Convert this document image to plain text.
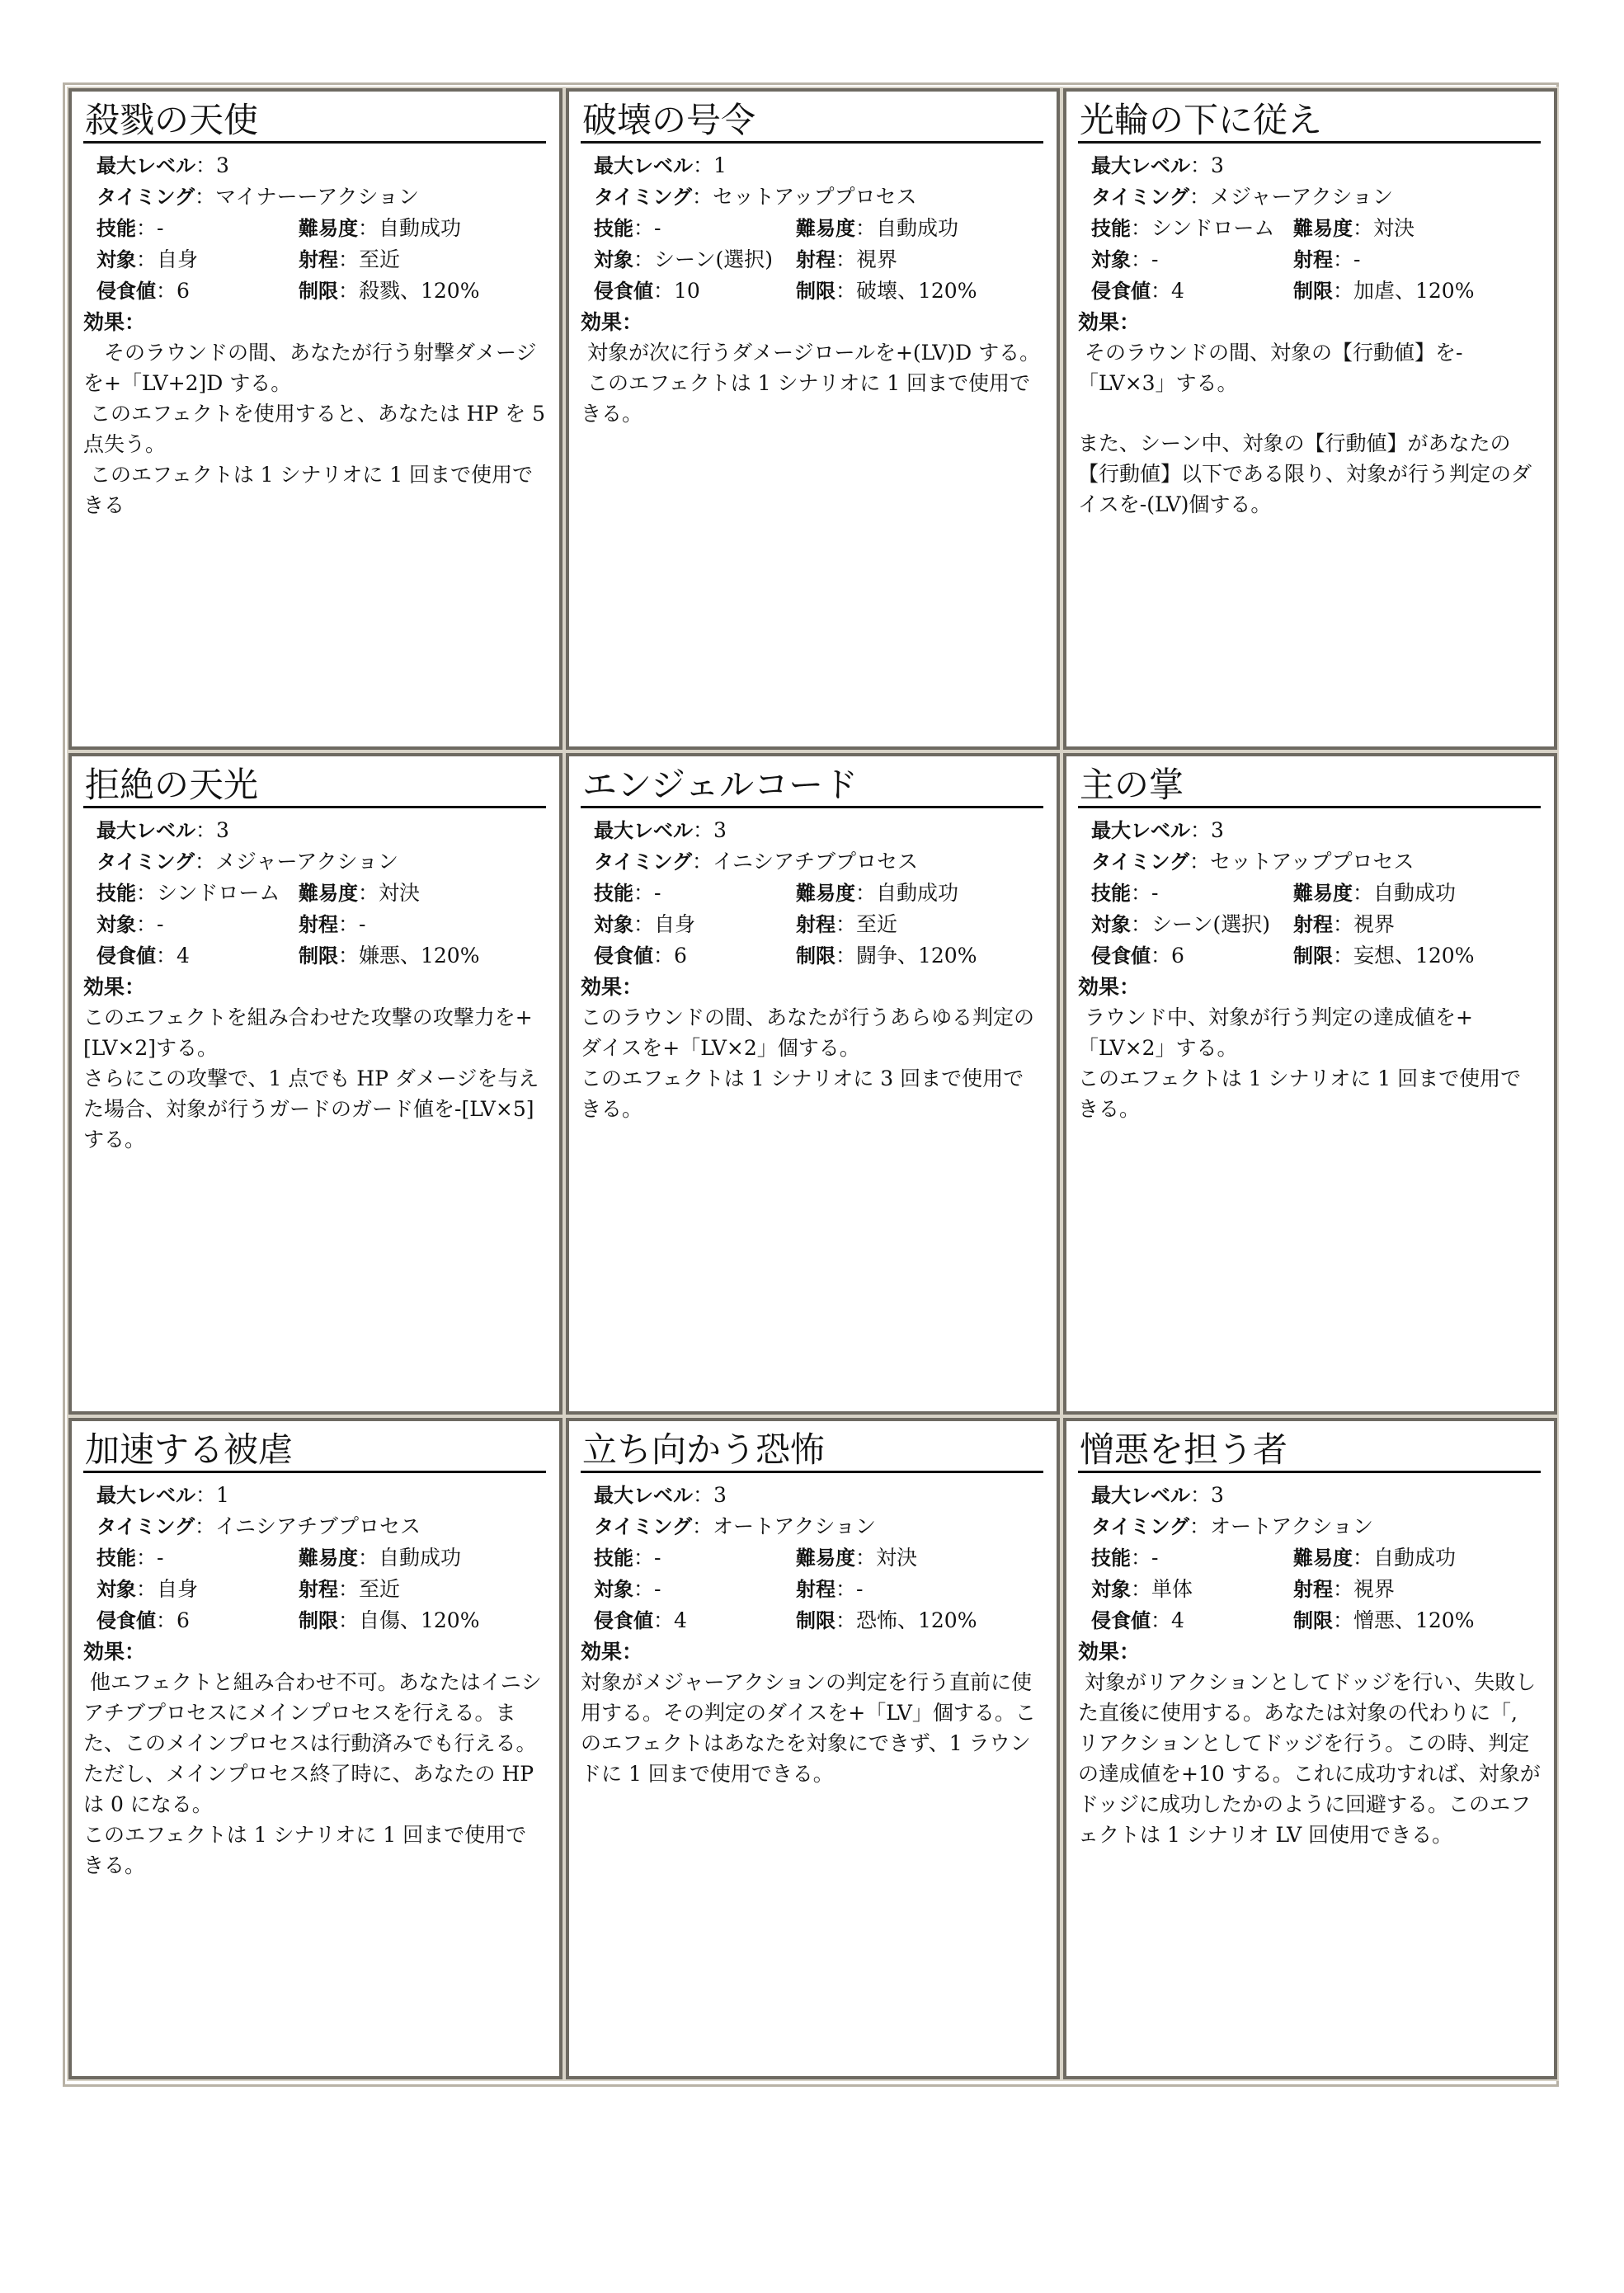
殺戮の天使
最大レベル：3
タイミング：マイナーーアクション
技能：-	難易度：自動成功
対象：自身	射程：至近
侵食値：6	制限：殺戮、120%
効果：

　そのラウンドの間、あなたが行う射撃ダメージを+「LV+2]D する。

このエフェクトを使用すると、あなたは HP を 5 点失う。

このエフェクトは 1 シナリオに 1 回まで使用できる

破壊の号令
最大レベル：1
タイミング：セットアッププロセス
技能：-	難易度：自動成功
対象：シーン(選択)	射程：視界
侵食値：10	制限：破壊、120%
効果：

対象が次に行うダメージロールを+(LV)D する。

このエフェクトは 1 シナリオに 1 回まで使用できる。

光輪の下に従え
最大レベル：3
タイミング：メジャーアクション
技能：シンドローム 難易度：対決
対象：-	射程：-
侵食値：4	制限：加虐、120%
効果：

そのラウンドの間、対象の【行動値】を-「LV×3」する。

また、シーン中、対象の【行動値】があなたの【行動値】以下である限り、対象が行う判定のダイスを-(LV)個する。

拒絶の天光
最大レベル：3
タイミング：メジャーアクション
技能：シンドローム 難易度：対決
対象：-	射程：-
侵食値：4	制限：嫌悪、120%
効果：

このエフェクトを組み合わせた攻撃の攻撃力を+[LV×2]する。

さらにこの攻撃で、1 点でも HP ダメージを与えた場合、対象が行うガードのガード値を-[LV×5]する。

エンジェルコード
最大レベル：3
タイミング：イニシアチブプロセス
技能：-	難易度：自動成功
対象：自身	射程：至近
侵食値：6	制限：闘争、120%
効果：

このラウンドの間、あなたが行うあらゆる判定のダイスを+「LV×2」個する。

このエフェクトは 1 シナリオに 3 回まで使用できる。

主の掌
最大レベル：3
タイミング：セットアッププロセス
技能：-	難易度：自動成功
対象：シーン(選択)	射程：視界
侵食値：6	制限：妄想、120%
効果：

ラウンド中、対象が行う判定の達成値を+「LV×2」する。

このエフェクトは 1 シナリオに 1 回まで使用できる。

加速する被虐
最大レベル：1
タイミング：イニシアチブプロセス
技能：-	難易度：自動成功
対象：自身	射程：至近
侵食値：6	制限：自傷、120%
効果：

他エフェクトと組み合わせ不可。あなたはイニシアチブプロセスにメインプロセスを行える。また、このメインプロセスは行動済みでも行える。ただし、メインプロセス終了時に、あなたの HP は 0 になる。

このエフェクトは 1 シナリオに 1 回まで使用できる。

立ち向かう恐怖
最大レベル：3
タイミング：オートアクション
技能：-	難易度：対決
対象：-	射程：-
侵食値：4	制限：恐怖、120%
効果：

対象がメジャーアクションの判定を行う直前に使用する。その判定のダイスを+「LV」個する。このエフェクトはあなたを対象にできず、1 ラウンドに 1 回まで使用できる。

憎悪を担う者
最大レベル：3
タイミング：オートアクション
技能：-	難易度：自動成功
対象：単体	射程：視界
侵食値：4	制限：憎悪、120%
効果：

対象がリアクションとしてドッジを行い、失敗した直後に使用する。あなたは対象の代わりに「, リアクションとしてドッジを行う。この時、判定の達成値を+10 する。これに成功すれば、対象がドッジに成功したかのように回避する。このエフェクトは 1 シナリオ LV 回使用できる。
